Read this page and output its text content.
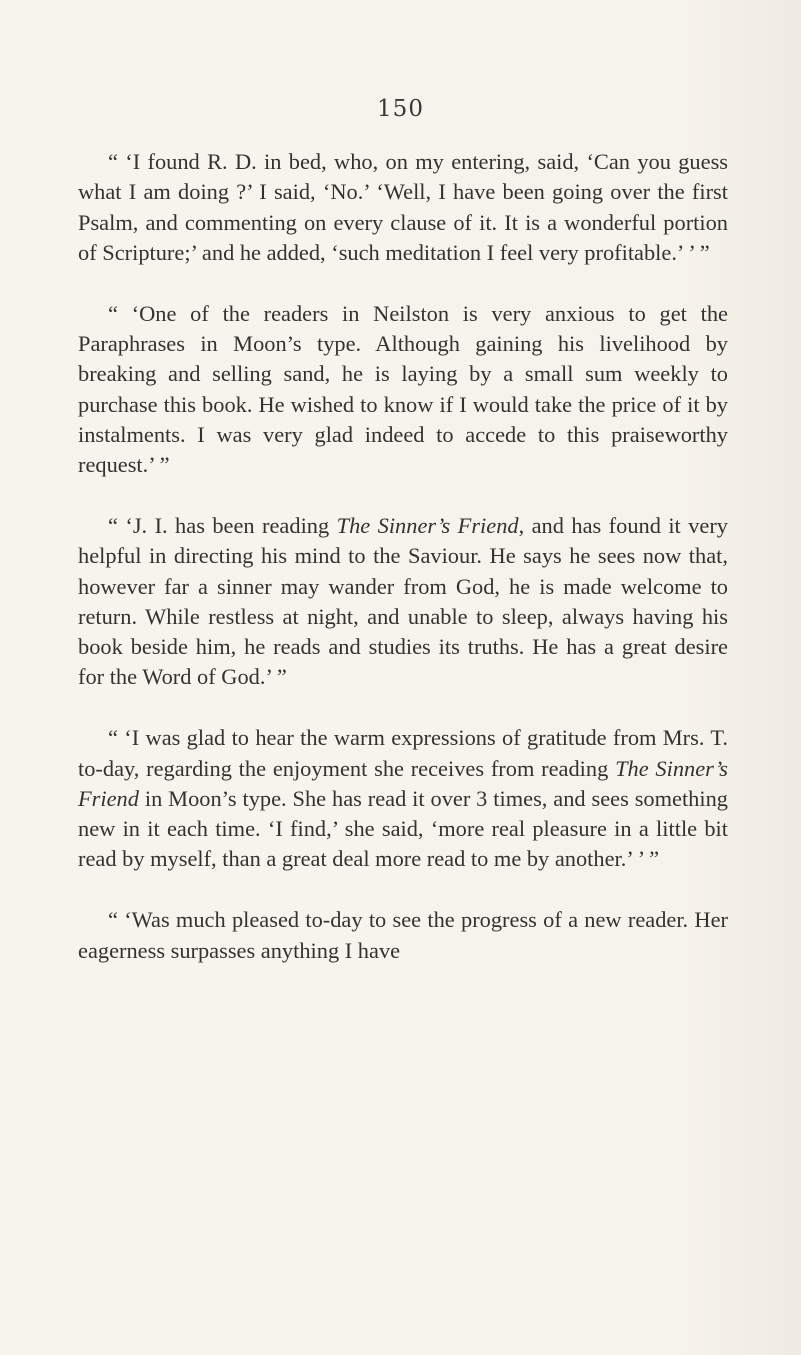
150

“ ‘I found R. D. in bed, who, on my entering, said, ‘Can you guess what I am doing ?’ I said, ‘No.’ ‘Well, I have been going over the first Psalm, and commenting on every clause of it. It is a wonderful portion of Scripture;’ and he added, ‘such meditation I feel very profitable.’ ’ ”

“ ‘One of the readers in Neilston is very anxious to get the Paraphrases in Moon’s type. Although gaining his livelihood by breaking and selling sand, he is laying by a small sum weekly to purchase this book. He wished to know if I would take the price of it by instalments. I was very glad indeed to accede to this praiseworthy request.’ ”

“ ‘J. I. has been reading The Sinner’s Friend, and has found it very helpful in directing his mind to the Saviour. He says he sees now that, however far a sinner may wander from God, he is made welcome to return. While restless at night, and unable to sleep, always having his book beside him, he reads and studies its truths. He has a great desire for the Word of God.’ ”

“ ‘I was glad to hear the warm expressions of gratitude from Mrs. T. to-day, regarding the enjoyment she receives from reading The Sinner’s Friend in Moon’s type. She has read it over 3 times, and sees something new in it each time. ‘I find,’ she said, ‘more real pleasure in a little bit read by myself, than a great deal more read to me by another.’ ’ ”

“ ‘Was much pleased to-day to see the progress of a new reader. Her eagerness surpasses anything I have
